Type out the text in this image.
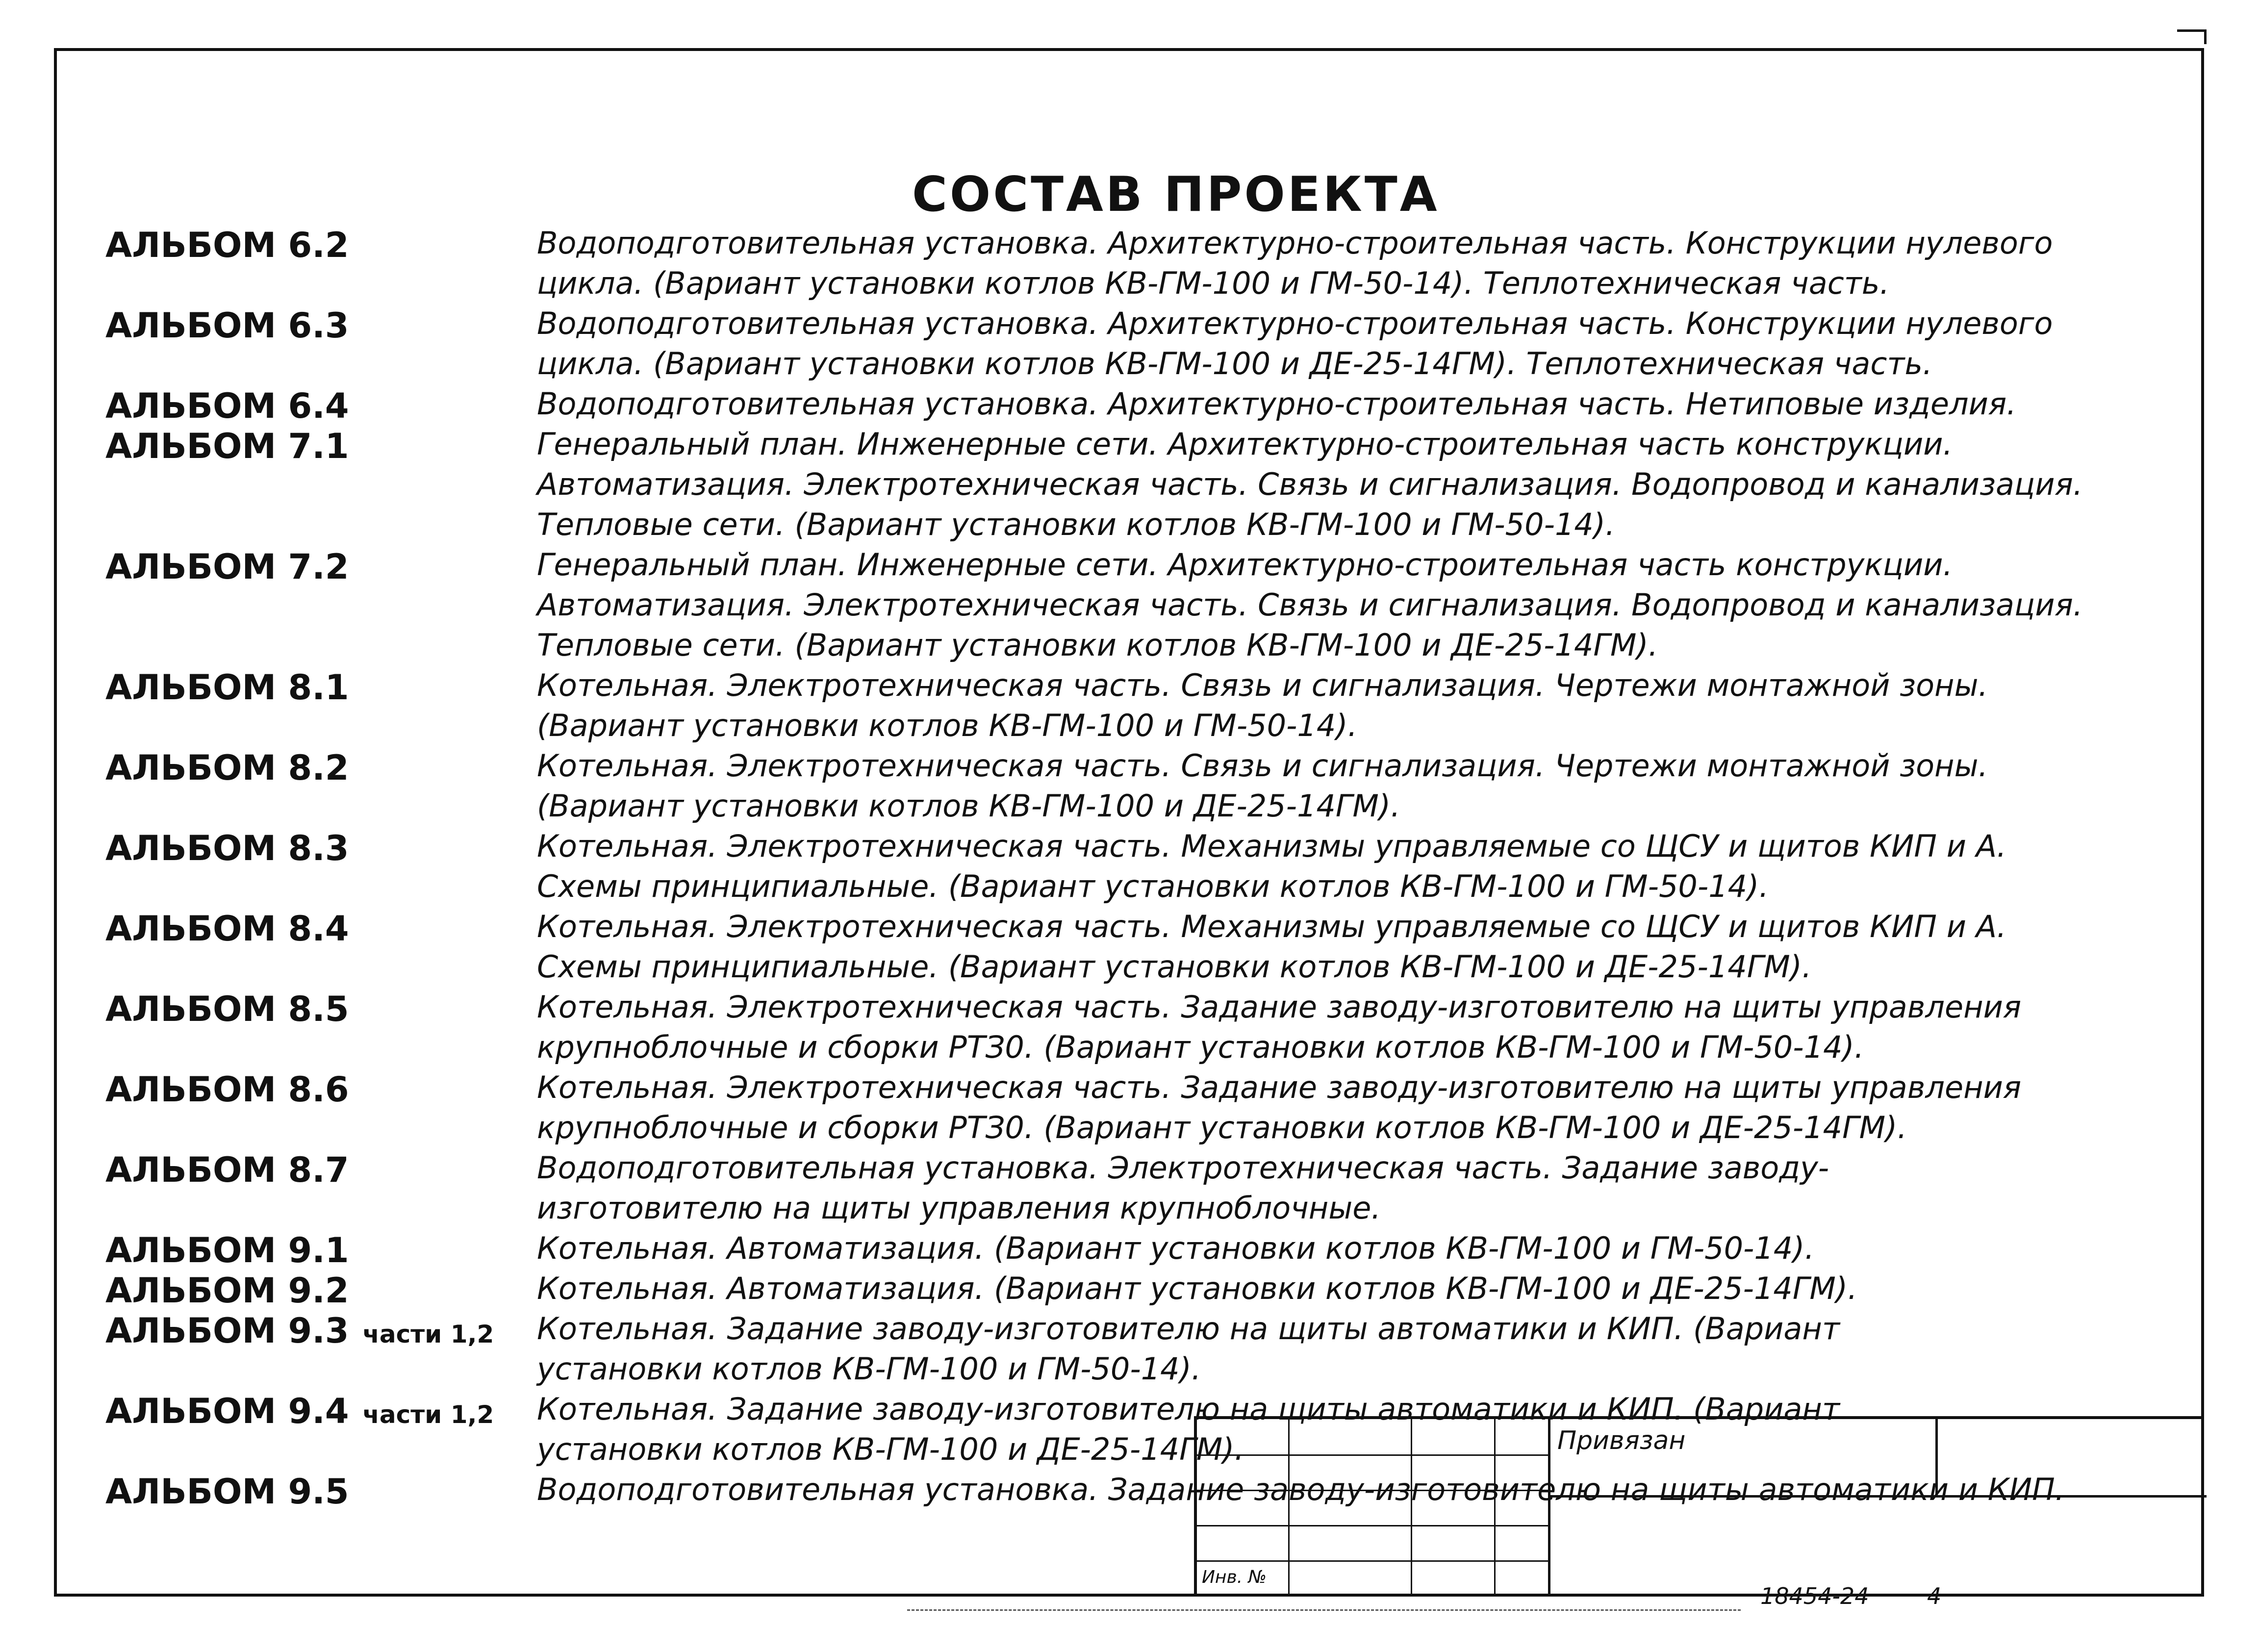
СОСТАВ ПРОЕКТА
АЛЬБОМ 6.2	Водоподготовительная установка. Архитектурно-строительная часть. Конструкции нулевого
цикла. (Вариант установки котлов КВ-ГМ-100 и ГМ-50-14). Теплотехническая часть.
АЛЬБОМ 6.3	Водоподготовительная установка. Архитектурно-строительная часть. Конструкции нулевого
цикла. (Вариант установки котлов КВ-ГМ-100 и ДЕ-25-14ГМ). Теплотехническая часть.
АЛЬБОМ 6.4	Водоподготовительная установка. Архитектурно-строительная часть. Нетиповые изделия.
АЛЬБОМ 7.1	Генеральный план. Инженерные сети. Архитектурно-строительная часть конструкции.
Автоматизация. Электротехническая часть. Связь и сигнализация. Водопровод и канализация.
Тепловые сети. (Вариант установки котлов КВ-ГМ-100 и ГМ-50-14).
АЛЬБОМ 7.2	Генеральный план. Инженерные сети. Архитектурно-строительная часть конструкции.
Автоматизация. Электротехническая часть. Связь и сигнализация. Водопровод и канализация.
Тепловые сети. (Вариант установки котлов КВ-ГМ-100 и ДЕ-25-14ГМ).
АЛЬБОМ 8.1	Котельная. Электротехническая часть. Связь и сигнализация. Чертежи монтажной зоны.
(Вариант установки котлов КВ-ГМ-100 и ГМ-50-14).
АЛЬБОМ 8.2	Котельная. Электротехническая часть. Связь и сигнализация. Чертежи монтажной зоны.
(Вариант установки котлов КВ-ГМ-100 и ДЕ-25-14ГМ).
АЛЬБОМ 8.3	Котельная. Электротехническая часть. Механизмы управляемые со ЩСУ и щитов КИП и А.
Схемы принципиальные. (Вариант установки котлов КВ-ГМ-100 и ГМ-50-14).
АЛЬБОМ 8.4	Котельная. Электротехническая часть. Механизмы управляемые со ЩСУ и щитов КИП и А.
Схемы принципиальные. (Вариант установки котлов КВ-ГМ-100 и ДЕ-25-14ГМ).
АЛЬБОМ 8.5	Котельная. Электротехническая часть. Задание заводу-изготовителю на щиты управления
крупноблочные и сборки РТЗ0. (Вариант установки котлов КВ-ГМ-100 и ГМ-50-14).
АЛЬБОМ 8.6	Котельная. Электротехническая часть. Задание заводу-изготовителю на щиты управления
крупноблочные и сборки РТЗ0. (Вариант установки котлов КВ-ГМ-100 и ДЕ-25-14ГМ).
АЛЬБОМ 8.7	Водоподготовительная установка. Электротехническая часть. Задание заводу-
изготовителю на щиты управления крупноблочные.
АЛЬБОМ 9.1	Котельная. Автоматизация. (Вариант установки котлов КВ-ГМ-100 и ГМ-50-14).
АЛЬБОМ 9.2	Котельная. Автоматизация. (Вариант установки котлов КВ-ГМ-100 и ДЕ-25-14ГМ).
АЛЬБОМ 9.3 части 1,2	Котельная. Задание заводу-изготовителю на щиты автоматики и КИП. (Вариант
установки котлов КВ-ГМ-100 и ГМ-50-14).
АЛЬБОМ 9.4 части 1,2	Котельная. Задание заводу-изготовителю на щиты автоматики и КИП. (Вариант
установки котлов КВ-ГМ-100 и ДЕ-25-14ГМ).
АЛЬБОМ 9.5	Водоподготовительная установка. Задание заводу-изготовителю на щиты автоматики и КИП.
Инв. №
Привязан
18454-24	4
